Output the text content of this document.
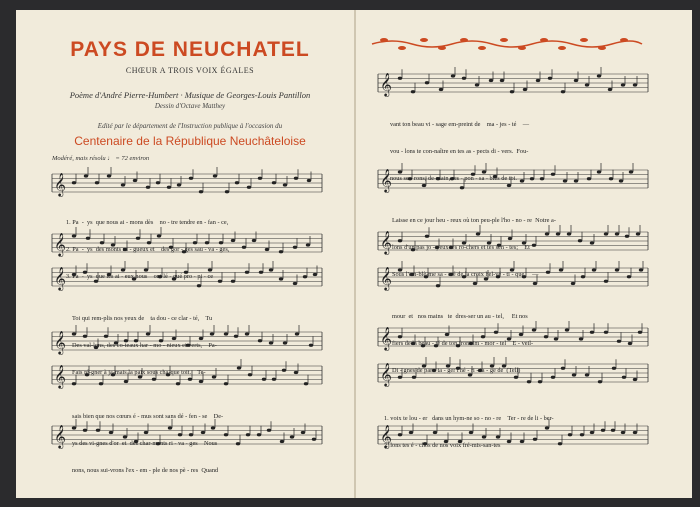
PAYS DE NEUCHATEL
CHŒUR A TROIS VOIX ÉGALES
Poème d'André Pierre-Humbert · Musique de Georges-Louis Pantillon
Dessin d'Octave Matthey
Edité par le département de l'Instruction publique à l'occasion du
Centenaire de la République Neuchâteloise
Modéré, mais résolu ♩ = 72 environ
𝄞
𝄞
𝄞
𝄞
𝄞
𝄞
𝄞
𝄞
𝄞
𝄞
𝄞
𝄞
𝄞

1. Pa  -  ys  que nous ai - mons dès    no - tre tendre en - fan - ce,

2. Pa  -  ys  des monts ru - gueux et    des gor - ges sau - va - ges,

3. Pa  -  ys  que les ai - eux nous    ont lé - gué pro - pi - ce

Toi qui rem-plis nos yeux de    ta dou - ce clar - té,    Tu

Des val-lons, des co-teaux har - mo - nieux et verts,    Pa-

Fais ré-gner à ja-mais la paix sous cha-que toit.    Te-

sais bien que nos cœurs é - mus sont sans dé - fen - se    De-

ys des vi-gnes d'or  et  des char-mants ri - va - ges    Nous

nons, nous sui-vrons l'ex - em - ple de nos pè - res  Quand

vant ton beau vi - sage em-preint de    ma - jes - té    —

vou - lons te con-naître en tes as - pects di - vers.  Fou-

nous se - rons, de-main, res - pon - sa - bles de toi.    —

Laisse en ce jour heu - reux où ton peu-ple l'ho - no - re  Notre a-

lons d'un pas jo - yeux tes ro-chers et tes sen - tes;    Et

Sous l'em-blè-me sa - cré de la croix hel-vé - ti - que,    —

mour  et   nos mains   te  dres-ser un au - tel,     Et nos

fiers de la beau - té de ton front im - mor - tel    E - veil-

Di - gnes de par - ta - ger l'hé - ri - ta - ge de  (Tell)

1. voix te lou - er   dans un hym-ne so - no - re    Ter - re de li - ber-

2. lons tes é - chos de nos voix fré-mis-san-tes
